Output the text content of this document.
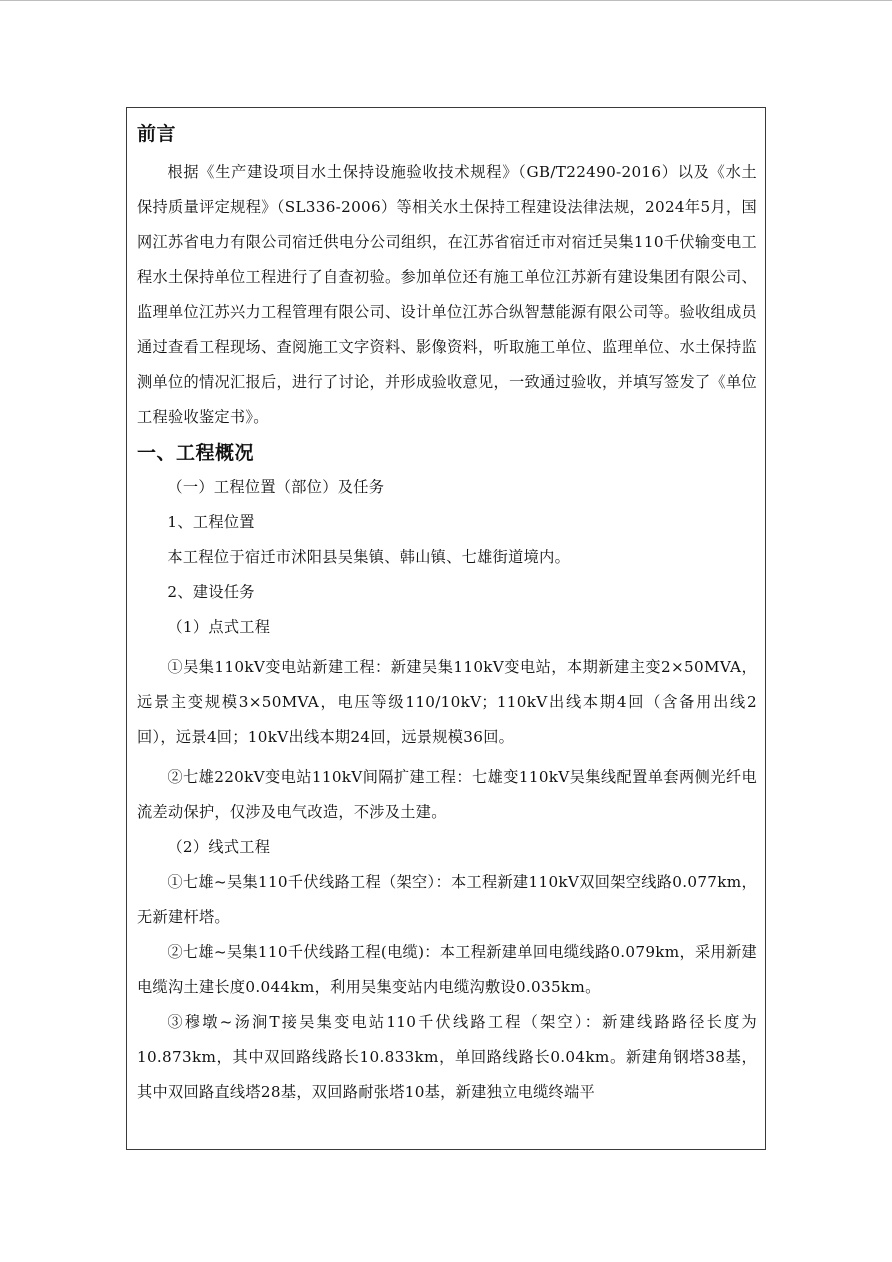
前言

根据《生产建设项目水土保持设施验收技术规程》（GB/T22490-2016）以及《水土保持质量评定规程》（SL336-2006）等相关水土保持工程建设法律法规，2024年5月，国网江苏省电力有限公司宿迁供电分公司组织，在江苏省宿迁市对宿迁吴集110千伏输变电工程水土保持单位工程进行了自查初验。参加单位还有施工单位江苏新有建设集团有限公司、监理单位江苏兴力工程管理有限公司、设计单位江苏合纵智慧能源有限公司等。验收组成员通过查看工程现场、查阅施工文字资料、影像资料，听取施工单位、监理单位、水土保持监测单位的情况汇报后，进行了讨论，并形成验收意见，一致通过验收，并填写签发了《单位工程验收鉴定书》。

一、工程概况

（一）工程位置（部位）及任务

1、工程位置

本工程位于宿迁市沭阳县吴集镇、韩山镇、七雄街道境内。

2、建设任务

（1）点式工程

①吴集110kV变电站新建工程：新建吴集110kV变电站，本期新建主变2×50MVA，远景主变规模3×50MVA，电压等级110/10kV；110kV出线本期4回（含备用出线2回），远景4回；10kV出线本期24回，远景规模36回。

②七雄220kV变电站110kV间隔扩建工程：七雄变110kV吴集线配置单套两侧光纤电流差动保护，仅涉及电气改造，不涉及土建。

（2）线式工程

①七雄~吴集110千伏线路工程（架空）：本工程新建110kV双回架空线路0.077km，无新建杆塔。

②七雄~吴集110千伏线路工程(电缆)：本工程新建单回电缆线路0.079km，采用新建电缆沟土建长度0.044km，利用吴集变站内电缆沟敷设0.035km。

③穆墩~汤涧T接吴集变电站110千伏线路工程（架空）：新建线路路径长度为10.873km，其中双回路线路长10.833km，单回路线路长0.04km。新建角钢塔38基，其中双回路直线塔28基，双回路耐张塔10基，新建独立电缆终端平
